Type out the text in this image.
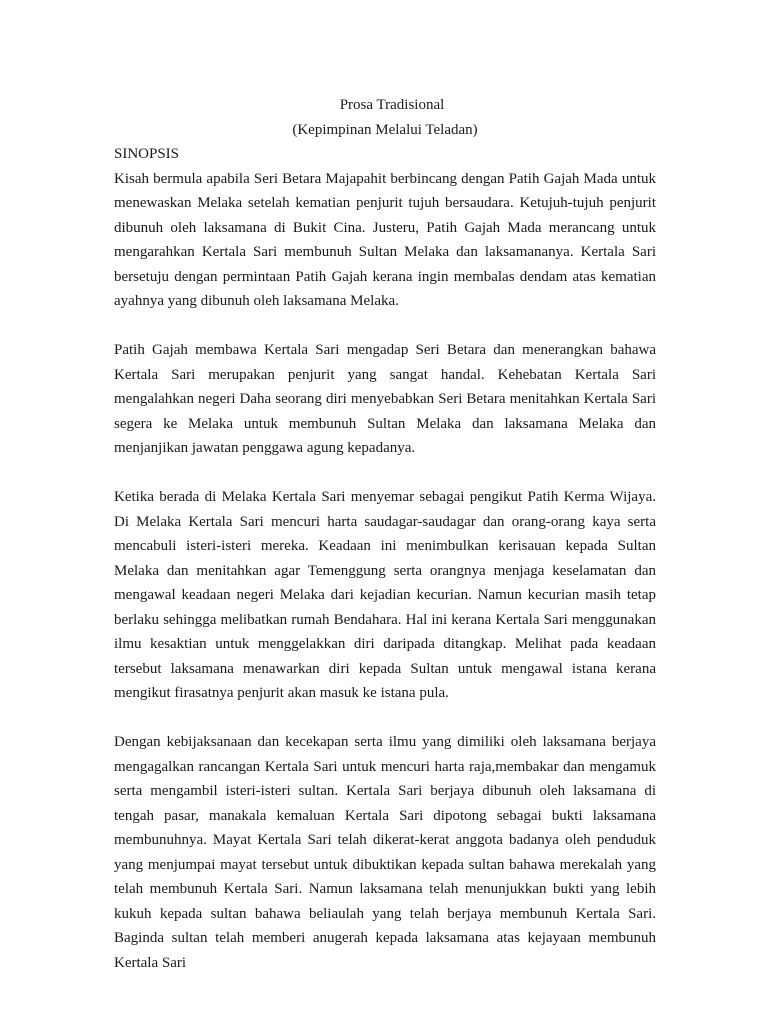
Prosa Tradisional

(Kepimpinan Melalui Teladan)

SINOPSIS

Kisah bermula apabila Seri Betara Majapahit berbincang dengan Patih Gajah Mada untuk menewaskan Melaka setelah kematian penjurit tujuh bersaudara. Ketujuh-tujuh penjurit dibunuh oleh laksamana di Bukit Cina. Justeru, Patih Gajah Mada merancang untuk mengarahkan Kertala Sari membunuh Sultan Melaka dan laksamananya. Kertala Sari bersetuju dengan permintaan Patih Gajah kerana ingin membalas dendam atas kematian ayahnya yang dibunuh oleh laksamana Melaka.

Patih Gajah membawa Kertala Sari mengadap Seri Betara dan menerangkan bahawa Kertala Sari merupakan penjurit yang sangat handal. Kehebatan Kertala Sari mengalahkan negeri Daha seorang diri menyebabkan Seri Betara menitahkan Kertala Sari segera ke Melaka untuk membunuh Sultan Melaka dan laksamana Melaka dan menjanjikan jawatan penggawa agung kepadanya.

Ketika berada di Melaka Kertala Sari menyemar sebagai pengikut Patih Kerma Wijaya. Di Melaka Kertala Sari mencuri harta saudagar-saudagar dan orang-orang kaya serta mencabuli isteri-isteri mereka. Keadaan ini menimbulkan kerisauan kepada Sultan Melaka dan menitahkan agar Temenggung serta orangnya menjaga keselamatan dan mengawal keadaan negeri Melaka dari kejadian kecurian. Namun kecurian masih tetap berlaku sehingga melibatkan rumah Bendahara. Hal ini kerana Kertala Sari menggunakan ilmu kesaktian untuk menggelakkan diri daripada ditangkap. Melihat pada keadaan tersebut laksamana menawarkan diri kepada Sultan untuk mengawal istana kerana mengikut firasatnya penjurit akan masuk ke istana pula.

Dengan kebijaksanaan dan kecekapan serta ilmu yang dimiliki oleh laksamana berjaya mengagalkan rancangan Kertala Sari untuk mencuri harta raja,membakar dan mengamuk serta mengambil isteri-isteri sultan. Kertala Sari berjaya dibunuh oleh laksamana di tengah pasar, manakala kemaluan Kertala Sari dipotong sebagai bukti laksamana membunuhnya. Mayat Kertala Sari telah dikerat-kerat anggota badanya oleh penduduk yang menjumpai mayat tersebut untuk dibuktikan kepada sultan bahawa merekalah yang telah membunuh Kertala Sari. Namun laksamana telah menunjukkan bukti yang lebih kukuh kepada sultan bahawa beliaulah yang telah berjaya membunuh Kertala Sari. Baginda sultan telah memberi anugerah kepada laksamana atas kejayaan membunuh Kertala Sari
